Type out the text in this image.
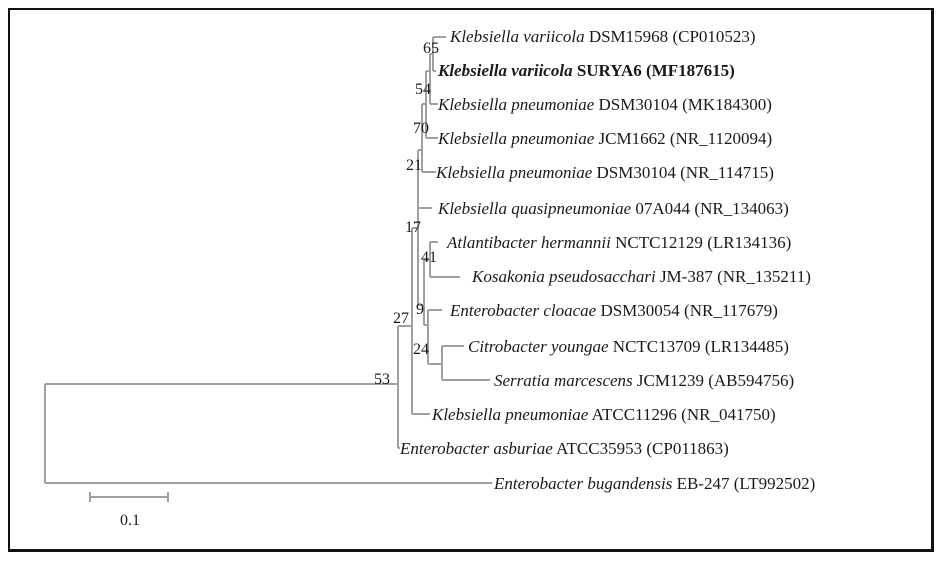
Klebsiella variicola DSM15968 (CP010523)
Klebsiella variicola SURYA6 (MF187615)
Klebsiella pneumoniae DSM30104 (MK184300)
Klebsiella pneumoniae JCM1662 (NR_1120094)
Klebsiella pneumoniae DSM30104 (NR_114715)
Klebsiella quasipneumoniae 07A044 (NR_134063)
Atlantibacter hermannii NCTC12129 (LR134136)
Kosakonia pseudosacchari JM-387 (NR_135211)
Enterobacter cloacae DSM30054 (NR_117679)
Citrobacter youngae NCTC13709 (LR134485)
Serratia marcescens JCM1239 (AB594756)
Klebsiella pneumoniae ATCC11296 (NR_041750)
Enterobacter asburiae ATCC35953 (CP011863)
Enterobacter bugandensis EB-247 (LT992502)
65
54
70
21
17
41
9
27
24
53
0.1
